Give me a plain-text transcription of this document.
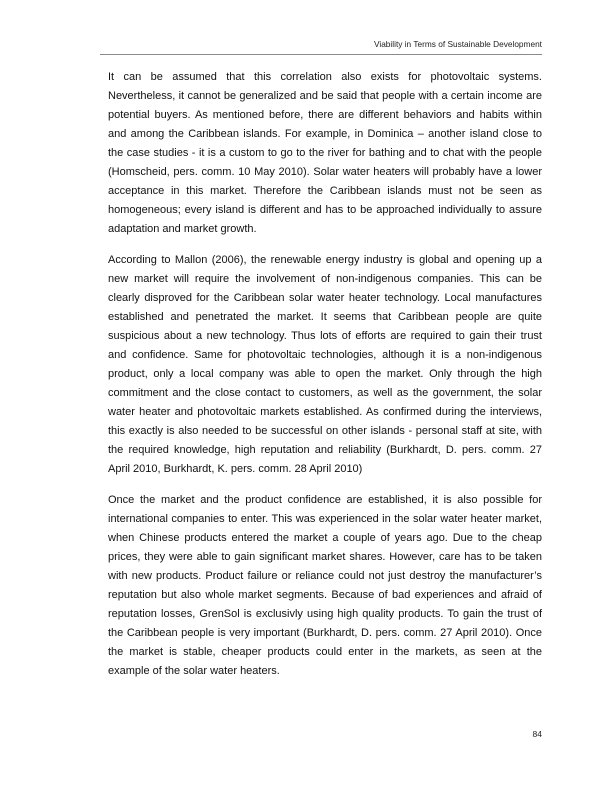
Viability in Terms of Sustainable Development

It can be assumed that this correlation also exists for photovoltaic systems. Nevertheless, it cannot be generalized and be said that people with a certain income are potential buyers. As mentioned before, there are different behaviors and habits within and among the Caribbean islands. For example, in Dominica – another island close to the case studies - it is a custom to go to the river for bathing and to chat with the people (Homscheid, pers. comm. 10 May 2010). Solar water heaters will probably have a lower acceptance in this market. Therefore the Caribbean islands must not be seen as homogeneous; every island is different and has to be approached individually to assure adaptation and market growth.

According to Mallon (2006), the renewable energy industry is global and opening up a new market will require the involvement of non-indigenous companies. This can be clearly disproved for the Caribbean solar water heater technology. Local manufactures established and penetrated the market. It seems that Caribbean people are quite suspicious about a new technology. Thus lots of efforts are required to gain their trust and confidence. Same for photovoltaic technologies, although it is a non-indigenous product, only a local company was able to open the market. Only through the high commitment and the close contact to customers, as well as the government, the solar water heater and photovoltaic markets established. As confirmed during the interviews, this exactly is also needed to be successful on other islands - personal staff at site, with the required knowledge, high reputation and reliability (Burkhardt, D. pers. comm. 27 April 2010, Burkhardt, K. pers. comm. 28 April 2010)

Once the market and the product confidence are established, it is also possible for international companies to enter. This was experienced in the solar water heater market, when Chinese products entered the market a couple of years ago. Due to the cheap prices, they were able to gain significant market shares. However, care has to be taken with new products. Product failure or reliance could not just destroy the manufacturer’s reputation but also whole market segments. Because of bad experiences and afraid of reputation losses, GrenSol is exclusivly using high quality products. To gain the trust of the Caribbean people is very important (Burkhardt, D. pers. comm. 27 April 2010). Once the market is stable, cheaper products could enter in the markets, as seen at the example of the solar water heaters.

84
